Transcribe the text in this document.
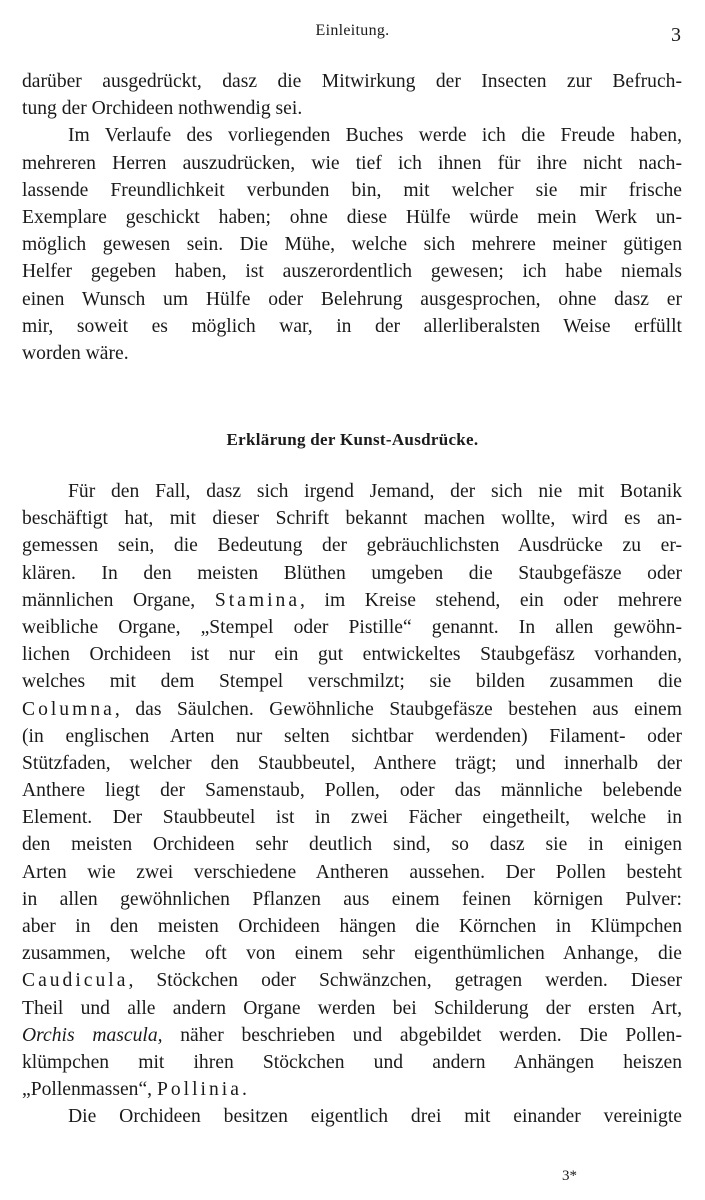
Einleitung.	3
darüber ausgedrückt, dasz die Mitwirkung der Insecten zur Befruch-
tung der Orchideen nothwendig sei.
Im Verlaufe des vorliegenden Buches werde ich die Freude haben,
mehreren Herren auszudrücken, wie tief ich ihnen für ihre nicht nach-
lassende Freundlichkeit verbunden bin, mit welcher sie mir frische
Exemplare geschickt haben; ohne diese Hülfe würde mein Werk un-
möglich gewesen sein. Die Mühe, welche sich mehrere meiner gütigen
Helfer gegeben haben, ist auszerordentlich gewesen; ich habe niemals
einen Wunsch um Hülfe oder Belehrung ausgesprochen, ohne dasz er
mir, soweit es möglich war, in der allerliberalsten Weise erfüllt
worden wäre.
Erklärung der Kunst-Ausdrücke.
Für den Fall, dasz sich irgend Jemand, der sich nie mit Botanik
beschäftigt hat, mit dieser Schrift bekannt machen wollte, wird es an-
gemessen sein, die Bedeutung der gebräuchlichsten Ausdrücke zu er-
klären. In den meisten Blüthen umgeben die Staubgefäsze oder
männlichen Organe, Stamina, im Kreise stehend, ein oder mehrere
weibliche Organe, „Stempel oder Pistille“ genannt. In allen gewöhn-
lichen Orchideen ist nur ein gut entwickeltes Staubgefäsz vorhanden,
welches mit dem Stempel verschmilzt; sie bilden zusammen die
Columna, das Säulchen. Gewöhnliche Staubgefäsze bestehen aus einem
(in englischen Arten nur selten sichtbar werdenden) Filament- oder
Stützfaden, welcher den Staubbeutel, Anthere trägt; und innerhalb der
Anthere liegt der Samenstaub, Pollen, oder das männliche belebende
Element. Der Staubbeutel ist in zwei Fächer eingetheilt, welche in
den meisten Orchideen sehr deutlich sind, so dasz sie in einigen
Arten wie zwei verschiedene Antheren aussehen. Der Pollen besteht
in allen gewöhnlichen Pflanzen aus einem feinen körnigen Pulver:
aber in den meisten Orchideen hängen die Körnchen in Klümpchen
zusammen, welche oft von einem sehr eigenthümlichen Anhange, die
Caudicula, Stöckchen oder Schwänzchen, getragen werden. Dieser
Theil und alle andern Organe werden bei Schilderung der ersten Art,
Orchis mascula, näher beschrieben und abgebildet werden. Die Pollen-
klümpchen mit ihren Stöckchen und andern Anhängen heiszen
„Pollenmassen“, Pollinia.
Die Orchideen besitzen eigentlich drei mit einander vereinigte
3*
